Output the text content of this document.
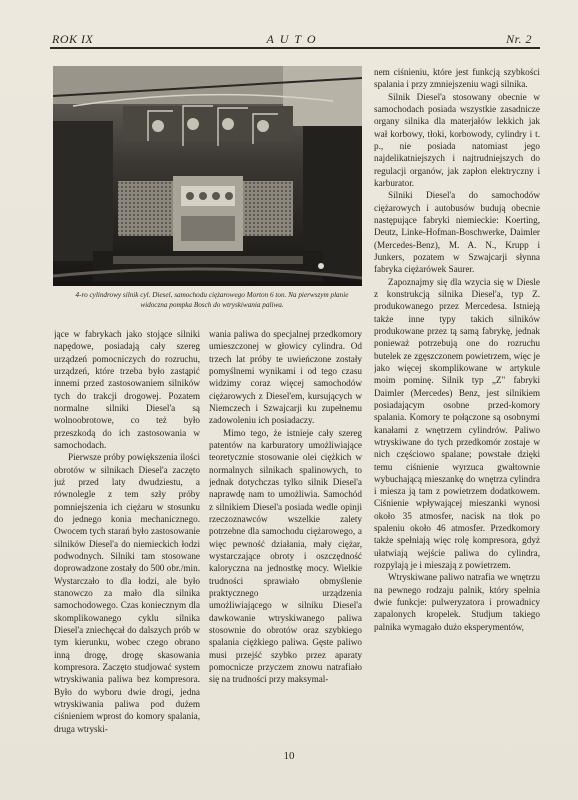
ROK IX	AUTO	Nr. 2
4-ro cylindrowy silnik cyl. Diesel, samochodu ciężarowego Morton 6 ton. Na pierwszym planie widoczna pompka Bosch do wtryskiwania paliwa.

jące w fabrykach jako stojące silniki napędowe, posiadają cały szereg urządzeń pomocniczych do rozruchu, urządzeń, które trzeba było zastąpić innemi przed zastosowaniem silników tych do trakcji drogowej. Pozatem normalne silniki Diesel'a są wolnoobrotowe, co też było przeszkodą do ich zastosowania w samochodach.

Pierwsze próby powiększenia ilości obrotów w silnikach Diesel'a zaczęto już przed laty dwudziestu, a równolegle z tem szły próby pomniejszenia ich ciężaru w stosunku do jednego konia mechanicznego. Owocem tych starań było zastosowanie silników Diesel'a do niemieckich łodzi podwodnych. Silniki tam stosowane doprowadzone zostały do 500 obr./min. Wystarczało to dla łodzi, ale było stanowczo za mało dla silnika samochodowego. Czas koniecznym dla skomplikowanego cyklu silnika Diesel'a zniechęcał do dalszych prób w tym kierunku, wobec czego obrano inną drogę, drogę skasowania kompresora. Zaczęto studjować system wtryskiwania paliwa bez kompresora. Było do wyboru dwie drogi, jedna wtryskiwania paliwa pod dużem ciśnieniem wprost do komory spalania, druga wtryski-

wania paliwa do specjalnej przedkomory umieszczonej w głowicy cylindra. Od trzech lat próby te uwieńczone zostały pomyślnemi wynikami i od tego czasu widzimy coraz więcej samochodów ciężarowych z Diesel'em, kursujących w Niemczech i Szwajcarji ku zupełnemu zadowoleniu ich posiadaczy.

Mimo tego, że istnieje cały szereg patentów na karburatory umożliwiające teoretycznie stosowanie olei ciężkich w normalnych silnikach spalinowych, to jednak dotychczas tylko silnik Diesel'a naprawdę nam to umożliwia. Samochód z silnikiem Diesel'a posiada wedle opinji rzeczoznawców wszelkie zalety potrzebne dla samochodu ciężarowego, a więc pewność działania, mały ciężar, wystarczające obroty i oszczędność kaloryczna na jednostkę mocy. Wielkie trudności sprawiało obmyślenie praktycznego urządzenia umożliwiającego w silniku Diesel'a dawkowanie wtryskiwanego paliwa stosownie do obrotów oraz szybkiego spalania ciężkiego paliwa. Gęste paliwo musi przejść szybko przez aparaty pomocnicze przyczem znowu natrafiało się na trudności przy maksymal-

nem ciśnieniu, które jest funkcją szybkości spalania i przy zmniejszeniu wagi silnika.

Silnik Diesel'a stosowany obecnie w samochodach posiada wszystkie zasadnicze organy silnika dla materjałów lekkich jak wał korbowy, tłoki, korbowody, cylindry i t. p., nie posiada natomiast jego najdelikatniejszych i najtrudniejszych do regulacji organów, jak zapłon elektryczny i karburator.

Silniki Diesel'a do samochodów ciężarowych i autobusów budują obecnie następujące fabryki niemieckie: Koerting, Deutz, Linke-Hofman-Boschwerke, Daimler (Mercedes-Benz), M. A. N., Krupp i Junkers, pozatem w Szwajcarji słynna fabryka ciężarówek Saurer.

Zapoznajmy się dla wzycia się w Diesle z konstrukcją silnika Diesel'a, typ Z. produkowanego przez Mercedesa. Istnieją także inne typy takich silników produkowane przez tą samą fabrykę, jednak ponieważ potrzebują one do rozruchu butelek ze zgęszczonem powietrzem, więc je jako więcej skomplikowane w artykule moim pominę. Silnik typ „Z" fabryki Daimler (Mercedes) Benz, jest silnikiem posiadającym osobne przed-komory spalania. Komory te połączone są osobnymi kanałami z wnętrzem cylindrów. Paliwo wtryskiwane do tych przedkomór zostaje w nich częściowo spalane; powstałe dzięki temu ciśnienie wyrzuca gwałtownie wybuchającą mieszankę do wnętrza cylindra i miesza ją tam z powietrzem dodatkowem. Ciśnienie wpływającej mieszanki wynosi około 35 atmosfer, nacisk na tłok po spaleniu około 46 atmosfer. Przedkomory także spełniają więc rolę kompresora, gdyż ułatwiają wejście paliwa do cylindra, rozpylają je i mieszają z powietrzem.

Wtryskiwane paliwo natrafia we wnętrzu na pewnego rodzaju palnik, który spełnia dwie funkcje: pulweryzatora i prowadnicy zapalonych kropelek. Studjum takiego palnika wymagało dużo eksperymentów,

10
